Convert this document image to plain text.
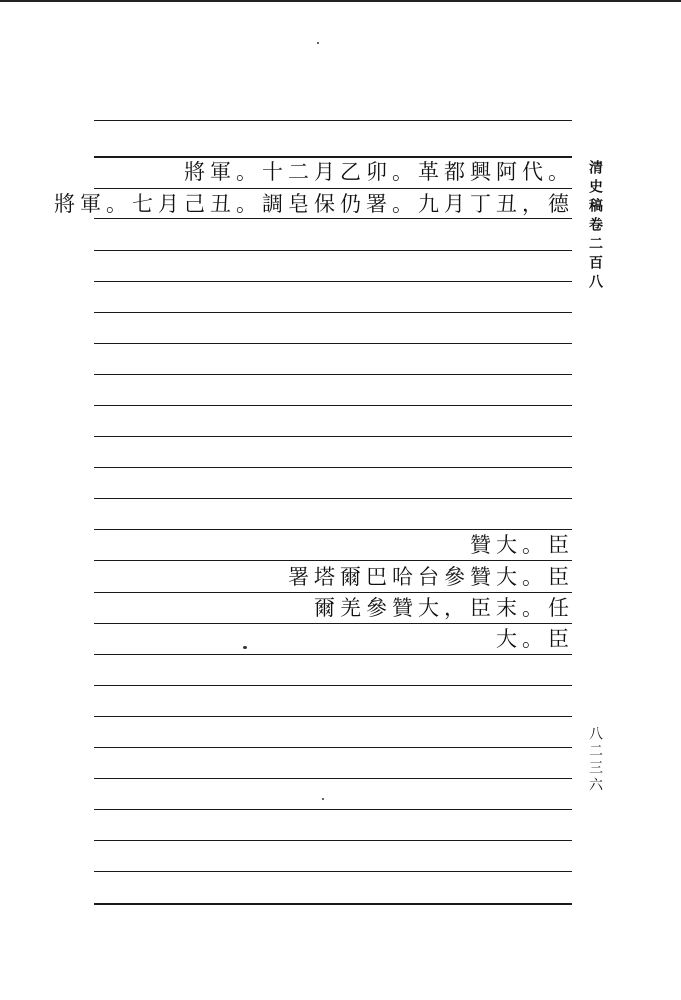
將軍。十二月乙卯。革都興阿代。
將軍。七月己丑。調皂保仍署。九月丁丑，德
贊大。臣
署塔爾巴哈台參贊大。臣
爾羌參贊大，臣末。任
大。臣
清史稿卷二百八
八二三六
